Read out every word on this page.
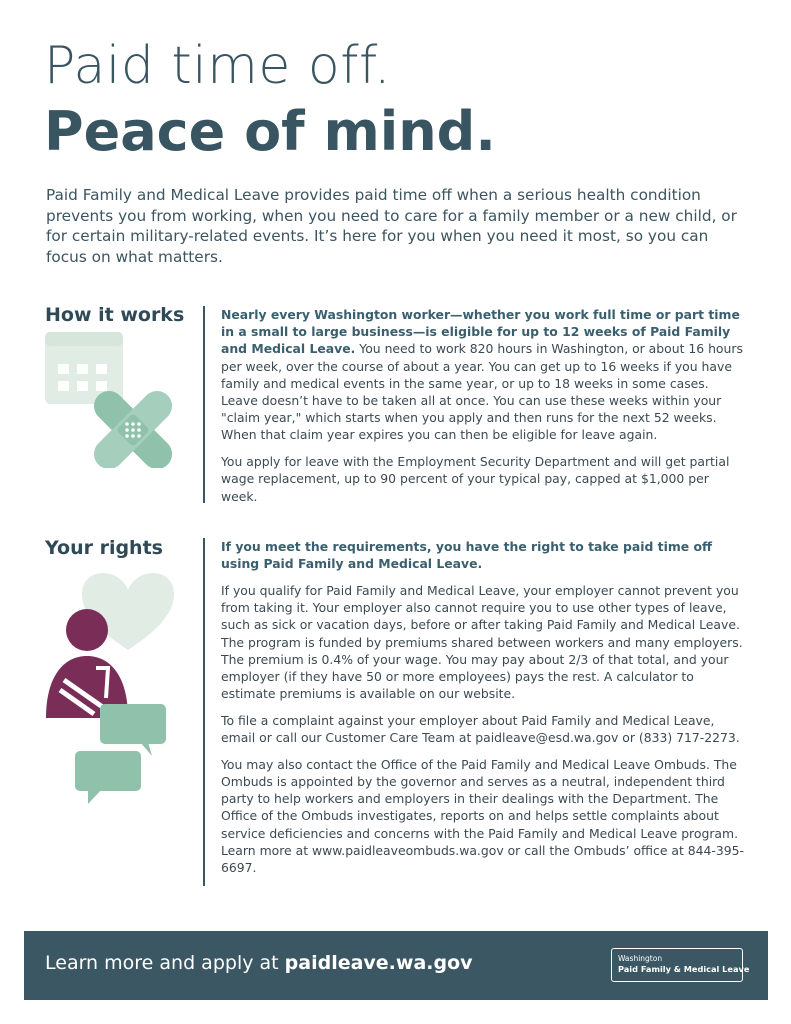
Paid time off.
Peace of mind.
Paid Family and Medical Leave provides paid time off when a serious health condition prevents you from working, when you need to care for a family member or a new child, or for certain military-related events. It’s here for you when you need it most, so you can focus on what matters.
How it works	Nearly every Washington worker—whether you work full time or part time in a small to large business—is eligible for up to 12 weeks of Paid Family and Medical Leave. You need to work 820 hours in Washington, or about 16 hours per week, over the course of about a year. You can get up to 16 weeks if you have family and medical events in the same year, or up to 18 weeks in some cases. Leave doesn’t have to be taken all at once. You can use these weeks within your "claim year," which starts when you apply and then runs for the next 52 weeks. When that claim year expires you can then be eligible for leave again.

You apply for leave with the Employment Security Department and will get partial wage replacement, up to 90 percent of your typical pay, capped at $1,000 per week.

Your rights	If you meet the requirements, you have the right to take paid time off using Paid Family and Medical Leave.

If you qualify for Paid Family and Medical Leave, your employer cannot prevent you from taking it. Your employer also cannot require you to use other types of leave, such as sick or vacation days, before or after taking Paid Family and Medical Leave. The program is funded by premiums shared between workers and many employers. The premium is 0.4% of your wage. You may pay about 2/3 of that total, and your employer (if they have 50 or more employees) pays the rest. A calculator to estimate premiums is available on our website.

To file a complaint against your employer about Paid Family and Medical Leave, email or call our Customer Care Team at paidleave@esd.wa.gov or (833) 717-2273.

You may also contact the Office of the Paid Family and Medical Leave Ombuds. The Ombuds is appointed by the governor and serves as a neutral, independent third party to help workers and employers in their dealings with the Department. The Office of the Ombuds investigates, reports on and helps settle complaints about service deficiencies and concerns with the Paid Family and Medical Leave program. Learn more at www.paidleaveombuds.wa.gov or call the Ombuds’ office at 844-395-6697.

Learn more and apply at paidleave.wa.gov	Washington
Paid Family & Medical Leave
